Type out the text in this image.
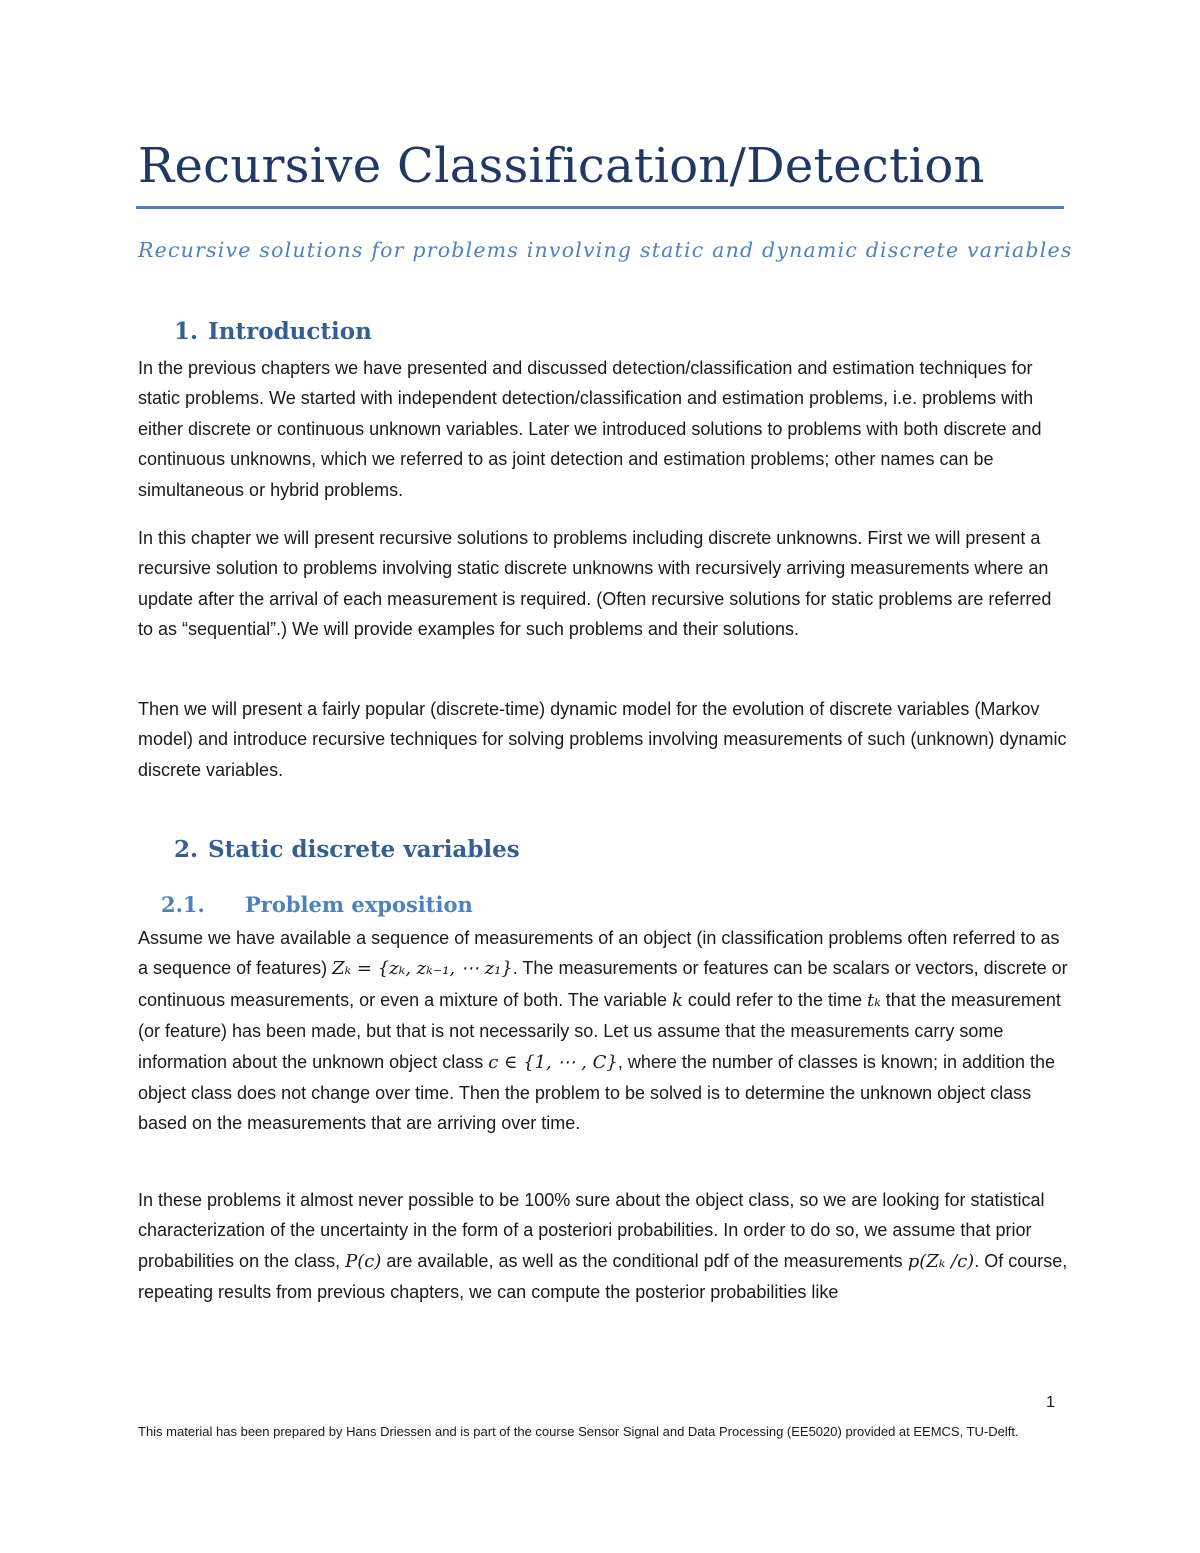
Recursive Classification/Detection

Recursive solutions for problems involving static and dynamic discrete variables

1. Introduction

In the previous chapters we have presented and discussed detection/classification and estimation techniques for static problems. We started with independent detection/classification and estimation problems, i.e. problems with either discrete or continuous unknown variables. Later we introduced solutions to problems with both discrete and continuous unknowns, which we referred to as joint detection and estimation problems; other names can be simultaneous or hybrid problems.

In this chapter we will present recursive solutions to problems including discrete unknowns. First we will present a recursive solution to problems involving static discrete unknowns with recursively arriving measurements where an update after the arrival of each measurement is required. (Often recursive solutions for static problems are referred to as “sequential”.) We will provide examples for such problems and their solutions.

Then we will present a fairly popular (discrete-time) dynamic model for the evolution of discrete variables (Markov model) and introduce recursive techniques for solving problems involving measurements of such (unknown) dynamic discrete variables.

2. Static discrete variables
2.1. Problem exposition

Assume we have available a sequence of measurements of an object (in classification problems often referred to as a sequence of features) Zₖ = {zₖ, zₖ₋₁, ⋯ z₁}. The measurements or features can be scalars or vectors, discrete or continuous measurements, or even a mixture of both. The variable k could refer to the time tₖ that the measurement (or feature) has been made, but that is not necessarily so. Let us assume that the measurements carry some information about the unknown object class c ∈ {1, ⋯ , C}, where the number of classes is known; in addition the object class does not change over time. Then the problem to be solved is to determine the unknown object class based on the measurements that are arriving over time.

In these problems it almost never possible to be 100% sure about the object class, so we are looking for statistical characterization of the uncertainty in the form of a posteriori probabilities. In order to do so, we assume that prior probabilities on the class, P(c) are available, as well as the conditional pdf of the measurements p(Zₖ /c). Of course, repeating results from previous chapters, we can compute the posterior probabilities like

1
This material has been prepared by Hans Driessen and is part of the course Sensor Signal and Data Processing (EE5020) provided at EEMCS, TU-Delft.
